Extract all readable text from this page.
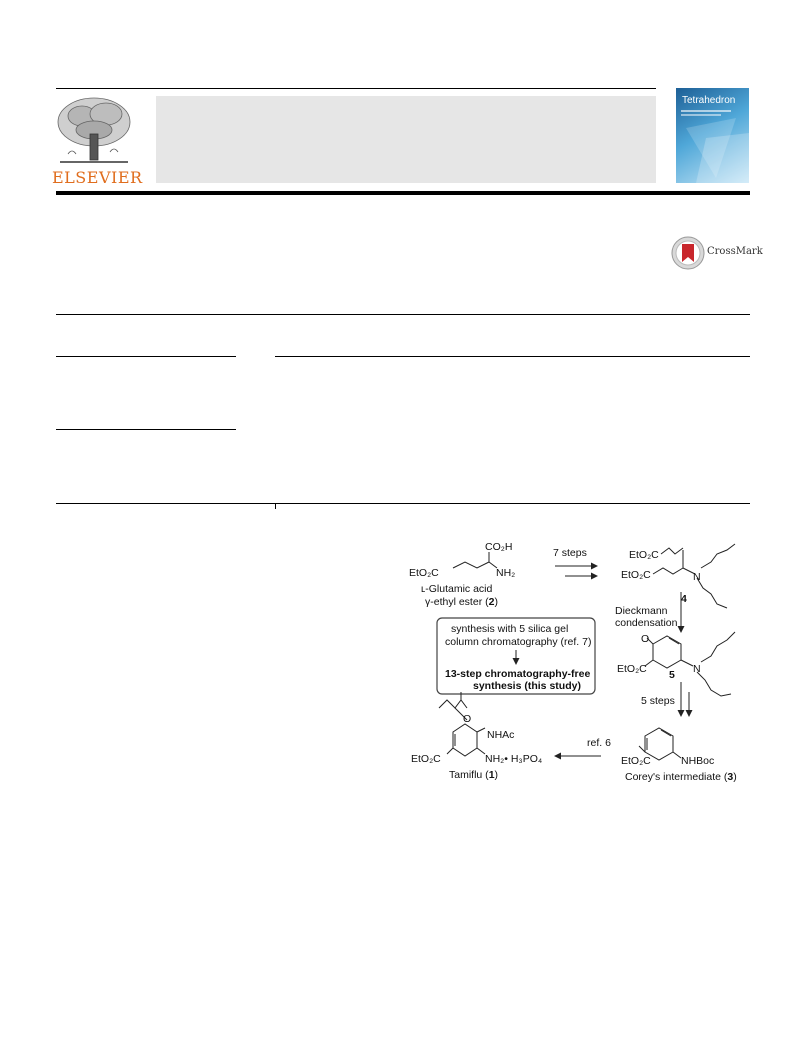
ELSEVIER
Tetrahedron
CrossMark
CO₂H
NH₂
EtO₂C
ʟ-Glutamic acid
γ-ethyl ester (2)
7 steps	EtO₂C
EtO₂C	N
4
Dieckmann
condensation
synthesis with 5 silica gel
column chromatography (ref. 7)
13-step chromatography-free
synthesis (this study)
O
EtO₂C	N
5
5 steps
EtO₂C	NHBoc
Corey's intermediate (3)
ref. 6
O
NHAc
EtO₂C	NH₂• H₃PO₄
Tamiflu (1)
